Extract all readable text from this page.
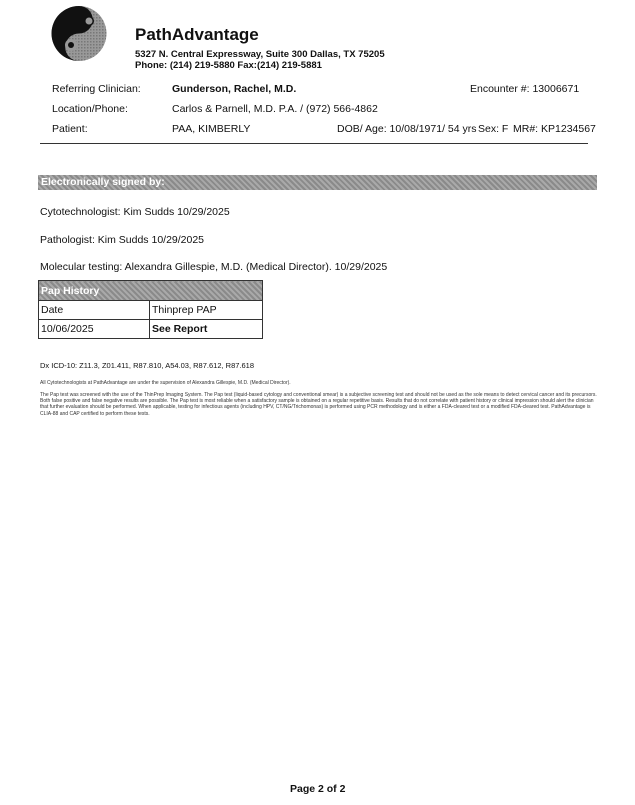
PathAdvantage
5327 N. Central Expressway, Suite 300 Dallas, TX 75205
Phone: (214) 219-5880 Fax:(214) 219-5881
Referring Clinician:	Gunderson, Rachel, M.D.	Encounter #: 13006671
Location/Phone:	Carlos & Parnell, M.D. P.A. / (972) 566-4862
Patient:	PAA, KIMBERLY	DOB/ Age: 10/08/1971/ 54 yrs Sex: F MR#: KP1234567
Electronically signed by:
Cytotechnologist: Kim Sudds 10/29/2025
Pathologist: Kim Sudds 10/29/2025
Molecular testing: Alexandra Gillespie, M.D. (Medical Director). 10/29/2025
Pap History	
Date	Thinprep PAP
10/06/2025	See Report
Dx ICD-10: Z11.3, Z01.411, R87.810, A54.03, R87.612, R87.618
All Cytotechnologists at PathAdvantage are under the supervision of Alexandra Gillespie, M.D. (Medical Director).
The Pap test was screened with the use of the ThinPrep Imaging System. The Pap test (liquid-based cytology and conventional smear) is a subjective screening test and should not be used as the sole means to detect cervical cancer and its precursors. Both false positive and false negative results are possible. The Pap test is most reliable when a satisfactory sample is obtained on a regular repetitive basis. Results that do not correlate with patient history or clinical impression should alert the clinician that further evaluation should be performed. When applicable, testing for infectious agents (including HPV, CT/NG/Trichomonas) is performed using PCR methodology and is either a FDA-cleared test or a modified FDA-cleared test. PathAdvantage is CLIA-88 and CAP certified to perform these tests.
Page 2 of 2
